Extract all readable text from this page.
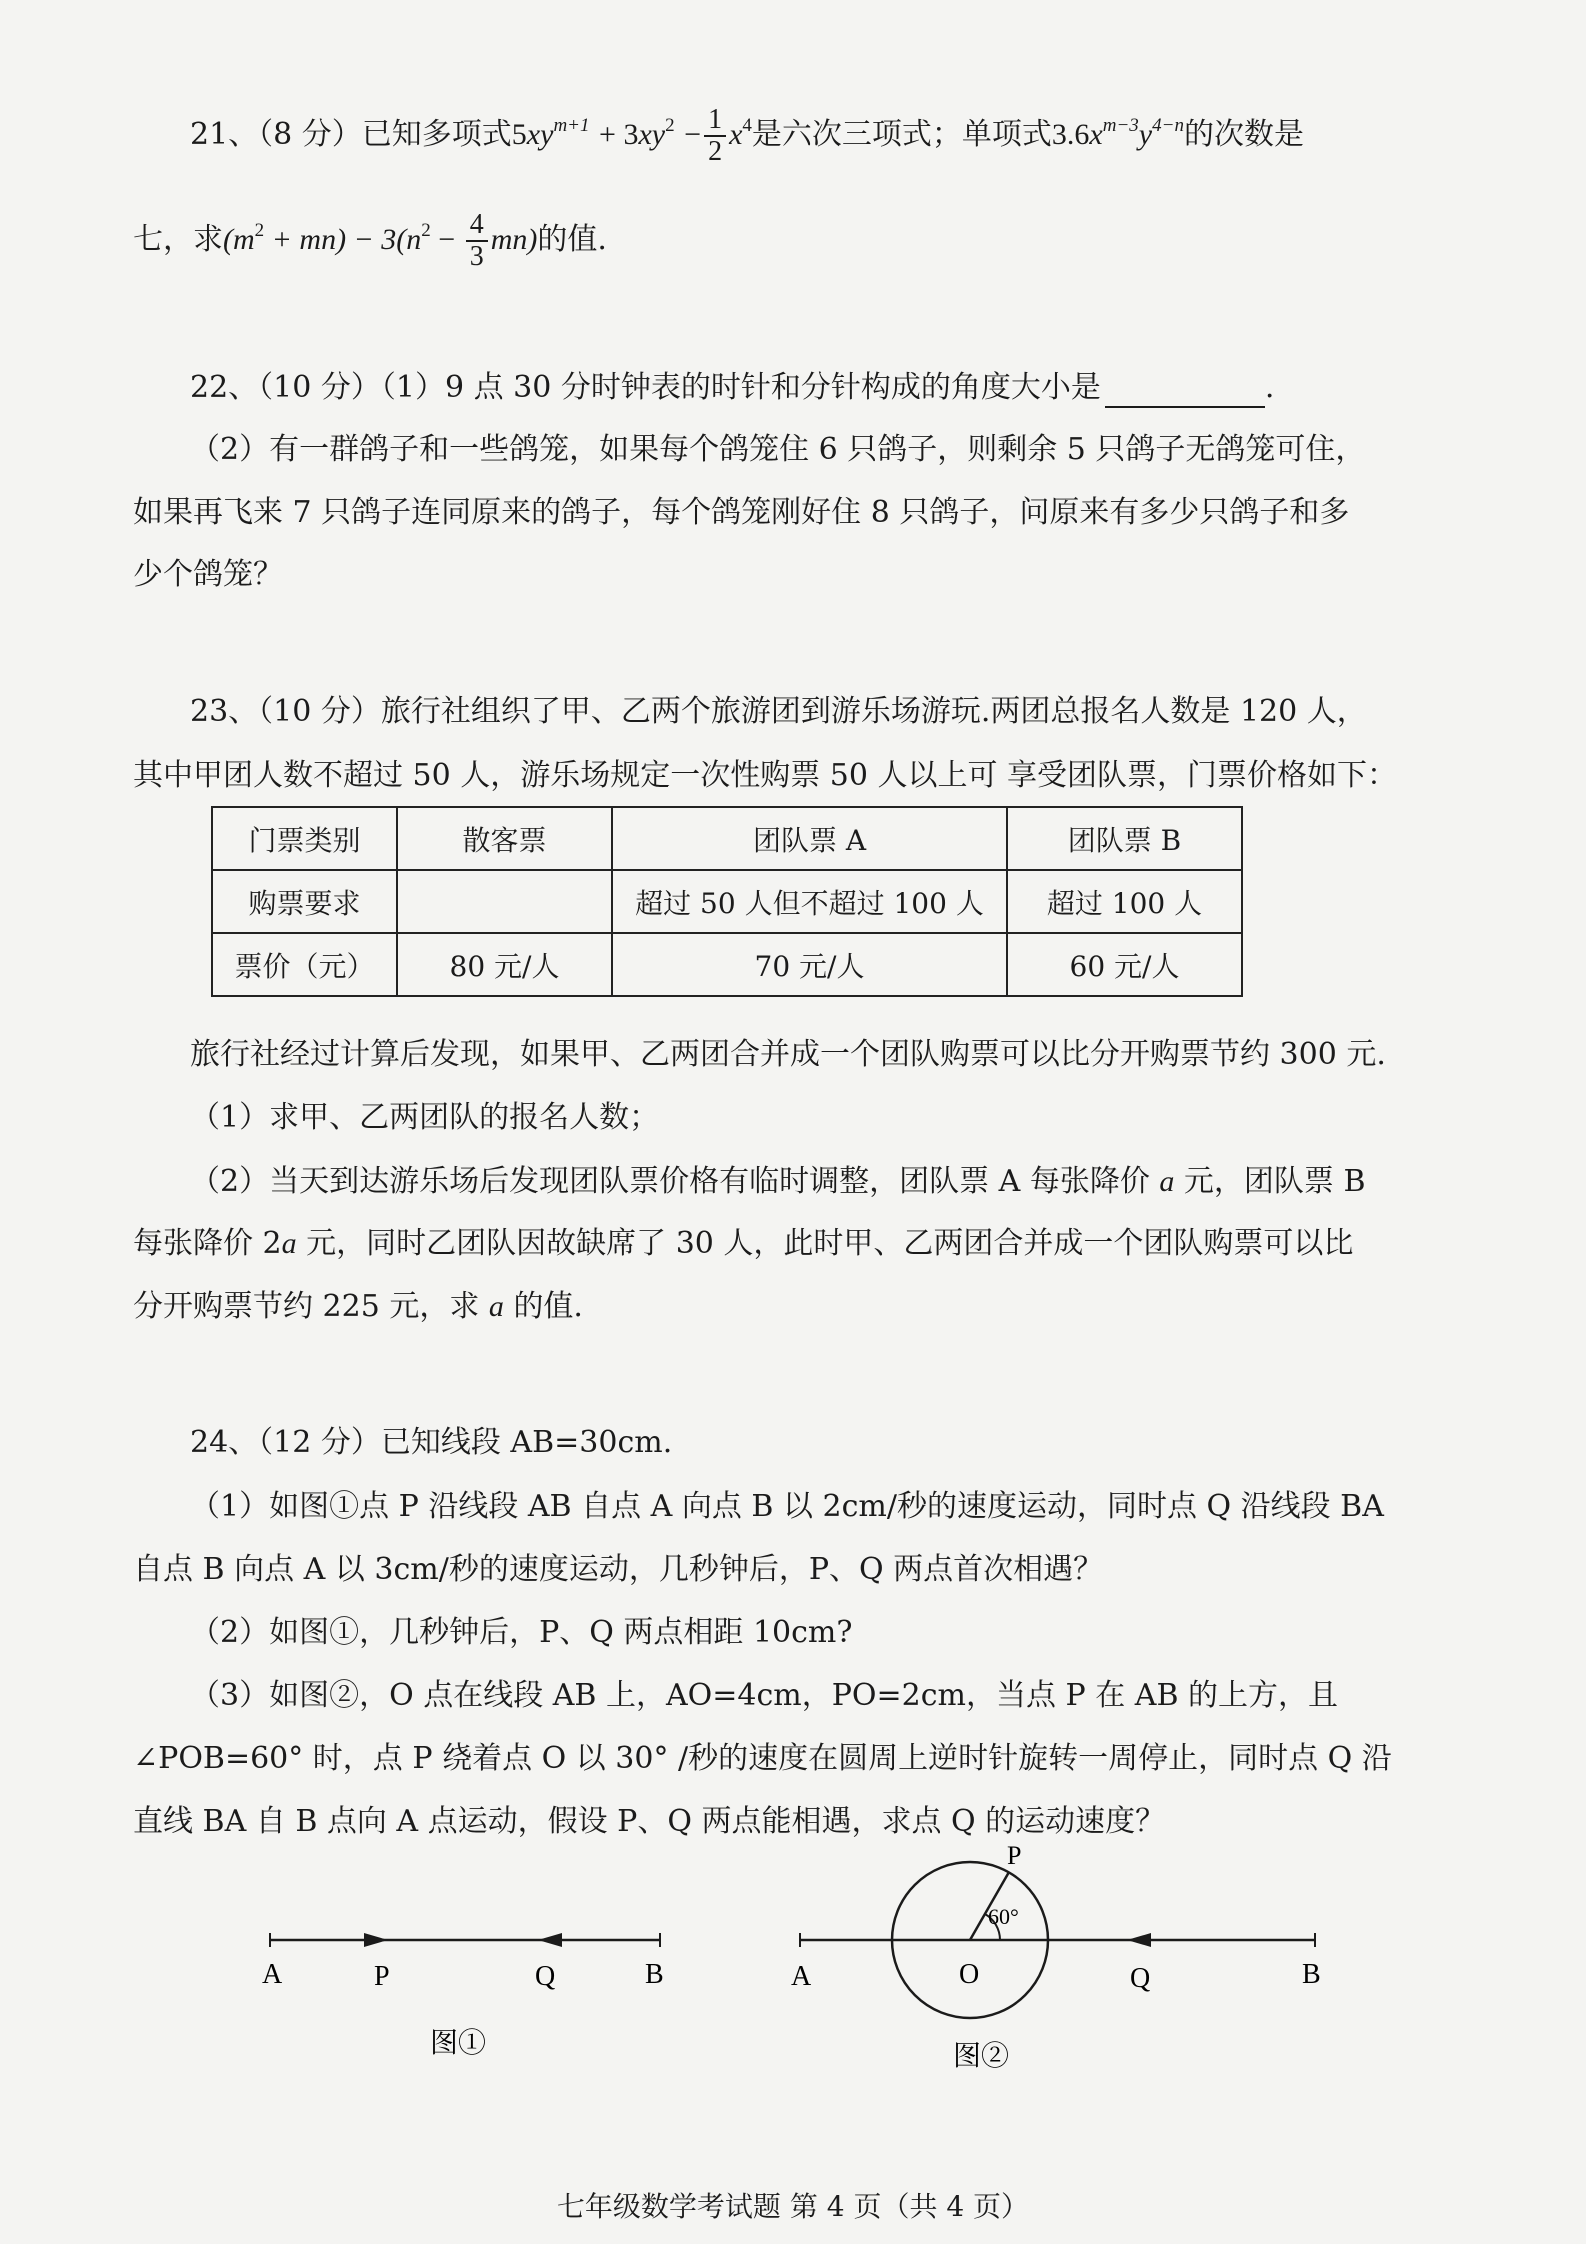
21、（8 分）已知多项式$5xy^{m+1} + 3xy^2 - \frac{1}{2} x^4$是六次三项式；单项式$3.6x^{m-3}y^{4-n}$的次数是
七，求$(m^2 + mn) - 3(n^2 - \frac{4}{3} mn)$的值.
22、（10 分）（1）9 点 30 分时钟表的时针和分针构成的角度大小是	.
（2）有一群鸽子和一些鸽笼，如果每个鸽笼住 6 只鸽子，则剩余 5 只鸽子无鸽笼可住，
如果再飞来 7 只鸽子连同原来的鸽子，每个鸽笼刚好住 8 只鸽子，问原来有多少只鸽子和多
少个鸽笼？
23、（10 分）旅行社组织了甲、乙两个旅游团到游乐场游玩.两团总报名人数是 120 人，
其中甲团人数不超过 50 人，游乐场规定一次性购票 50 人以上可 享受团队票，门票价格如下：
门票类别	散客票	团队票 A	团队票 B
购票要求		超过 50 人但不超过 100 人	超过 100 人
票价（元）	80 元/人	70 元/人	60 元/人
旅行社经过计算后发现，如果甲、乙两团合并成一个团队购票可以比分开购票节约 300 元.
（1）求甲、乙两团队的报名人数；
（2）当天到达游乐场后发现团队票价格有临时调整，团队票 A 每张降价 a 元，团队票 B
每张降价 2a 元，同时乙团队因故缺席了 30 人，此时甲、乙两团合并成一个团队购票可以比
分开购票节约 225 元，求 a 的值.
24、（12 分）已知线段 AB=30cm.
（1）如图①点 P 沿线段 AB 自点 A 向点 B 以 2cm/秒的速度运动，同时点 Q 沿线段 BA
自点 B 向点 A 以 3cm/秒的速度运动，几秒钟后，P、Q 两点首次相遇？
（2）如图①，几秒钟后，P、Q 两点相距 10cm?
（3）如图②，O 点在线段 AB 上，AO=4cm，PO=2cm，当点 P 在 AB 的上方，且
∠POB=60° 时，点 P 绕着点 O 以 30° /秒的速度在圆周上逆时针旋转一周停止，同时点 Q 沿
直线 BA 自 B 点向 A 点运动，假设 P、Q 两点能相遇，求点 Q 的运动速度？
A	P	Q	B
图①
A	O	Q	B
P
60°
图②
七年级数学考试题 第 4 页（共 4 页）
